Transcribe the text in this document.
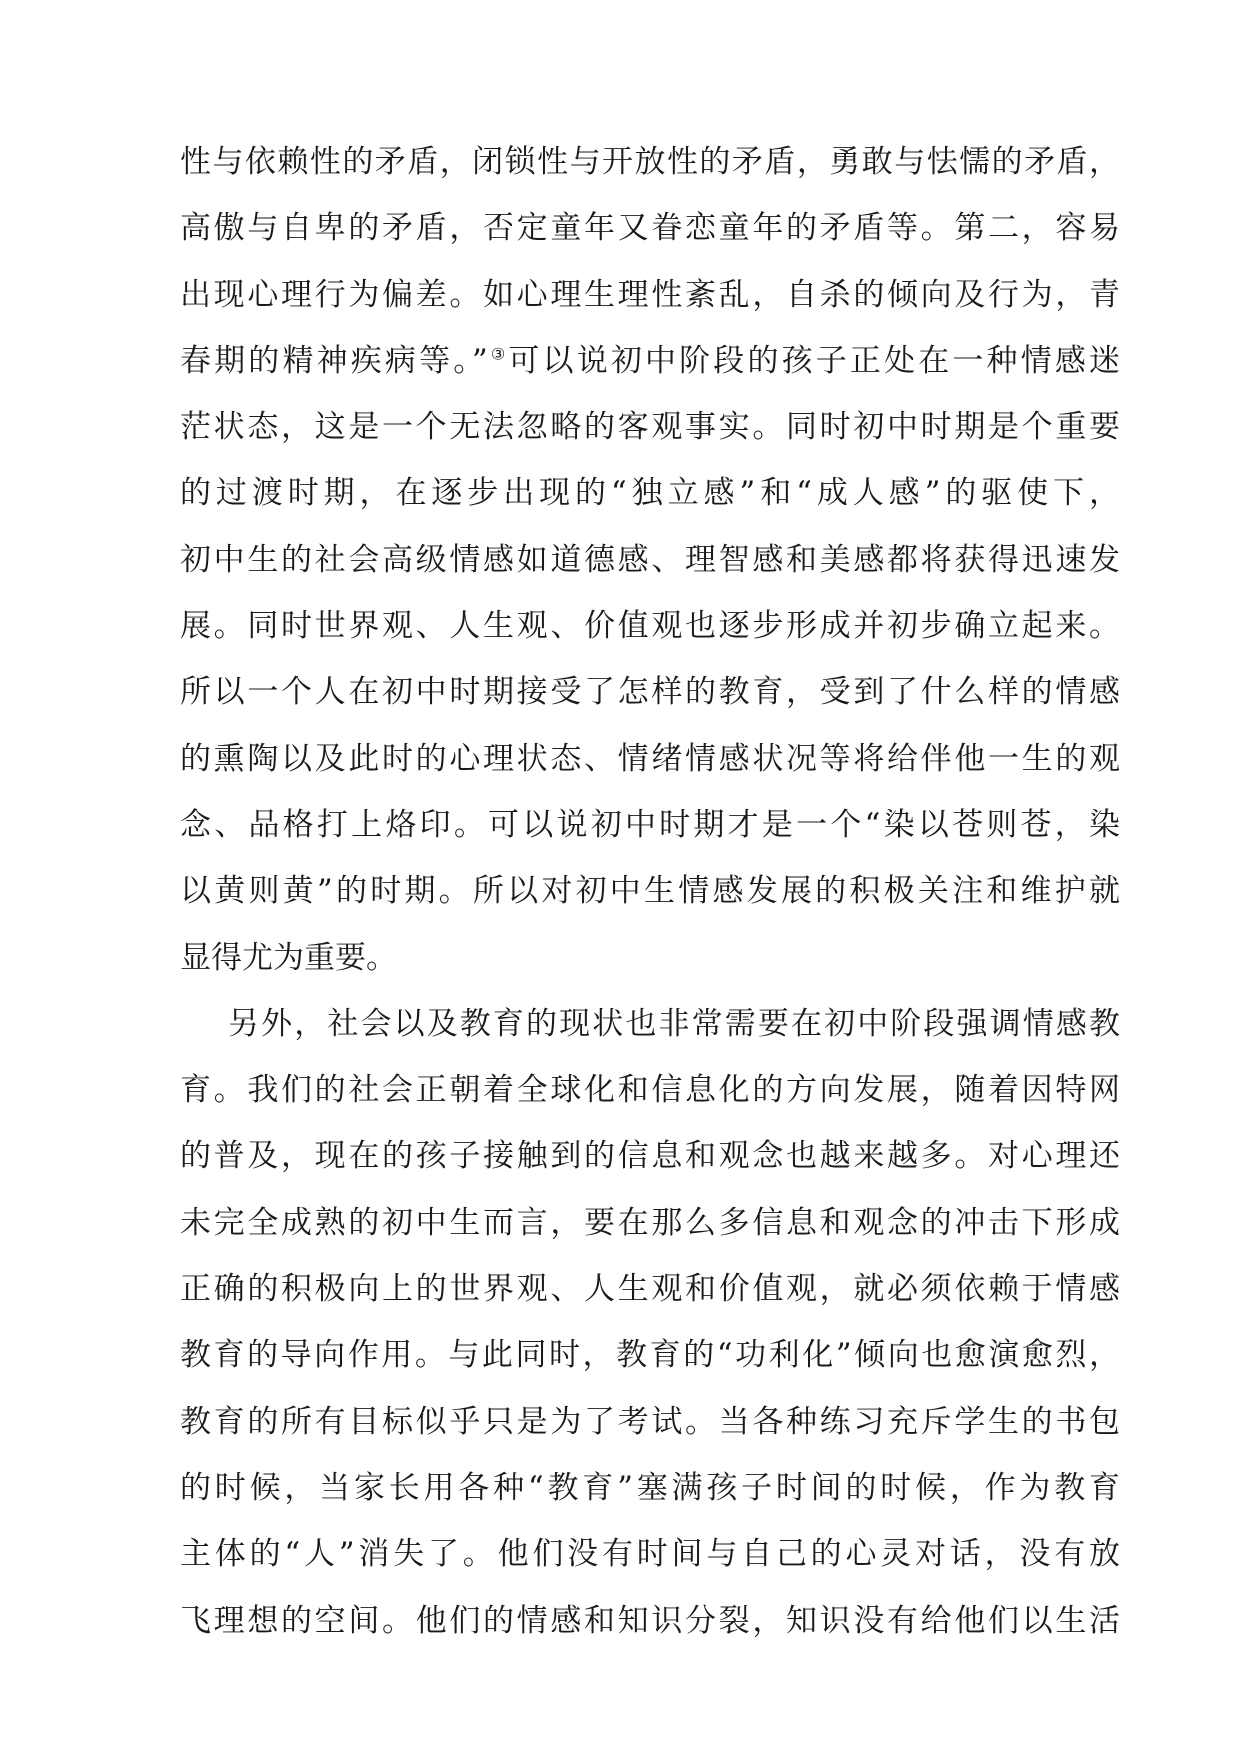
性与依赖性的矛盾，闭锁性与开放性的矛盾，勇敢与怯懦的矛盾，
高傲与自卑的矛盾，否定童年又眷恋童年的矛盾等。第二，容易
出现心理行为偏差。如心理生理性紊乱，自杀的倾向及行为，青
春期的精神疾病等。”③可以说初中阶段的孩子正处在一种情感迷
茫状态，这是一个无法忽略的客观事实。同时初中时期是个重要
的过渡时期，在逐步出现的“独立感”和“成人感”的驱使下，
初中生的社会高级情感如道德感、理智感和美感都将获得迅速发
展。同时世界观、人生观、价值观也逐步形成并初步确立起来。
所以一个人在初中时期接受了怎样的教育，受到了什么样的情感
的熏陶以及此时的心理状态、情绪情感状况等将给伴他一生的观
念、品格打上烙印。可以说初中时期才是一个“染以苍则苍，染
以黄则黄”的时期。所以对初中生情感发展的积极关注和维护就
显得尤为重要。
另外，社会以及教育的现状也非常需要在初中阶段强调情感教
育。我们的社会正朝着全球化和信息化的方向发展，随着因特网
的普及，现在的孩子接触到的信息和观念也越来越多。对心理还
未完全成熟的初中生而言，要在那么多信息和观念的冲击下形成
正确的积极向上的世界观、人生观和价值观，就必须依赖于情感
教育的导向作用。与此同时，教育的“功利化”倾向也愈演愈烈，
教育的所有目标似乎只是为了考试。当各种练习充斥学生的书包
的时候，当家长用各种“教育”塞满孩子时间的时候，作为教育
主体的“人”消失了。他们没有时间与自己的心灵对话，没有放
飞理想的空间。他们的情感和知识分裂，知识没有给他们以生活
